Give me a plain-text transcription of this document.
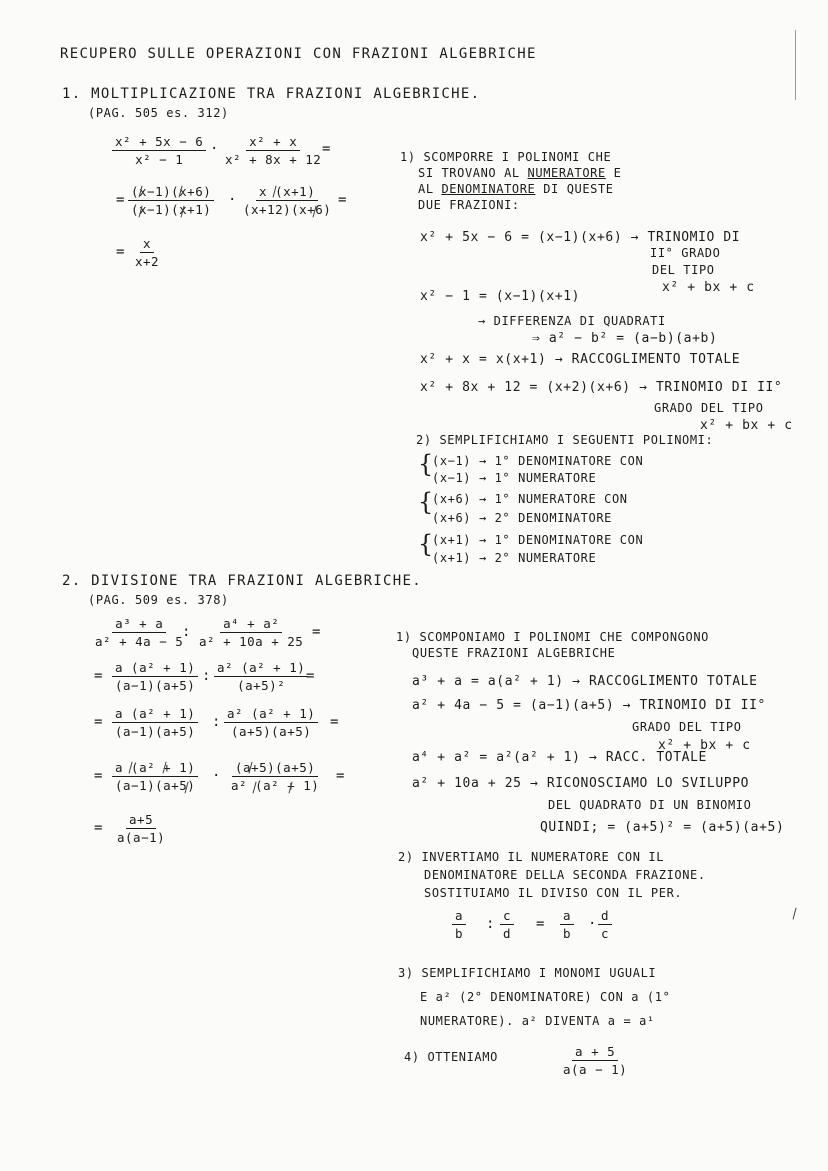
RECUPERO SULLE OPERAZIONI CON FRAZIONI ALGEBRICHE
1. MOLTIPLICAZIONE TRA FRAZIONI ALGEBRICHE.
(PAG. 505 es. 312)
$\frac{\text{x² + 5x − 6}}{\text{x² − 1}} \cdot \frac{\text{x² + x}}{\text{x² + 8x + 12}}$
=
= $\frac{(x-1)(x+6)}{(x-1)(x+1)} \cdot \frac{x (x+1)}{(x+12)(x+6)}$ =
= $\frac{x}{x+2}$
1) SCOMPORRE I POLINOMI CHE
SI TROVANO AL NUMERATORE E
AL DENOMINATORE DI QUESTE
DUE FRAZIONI:
x² + 5x − 6 = (x−1)(x+6) → TRINOMIO DI
II° GRADO
DEL TIPO
x² + bx + c
x² − 1 = (x−1)(x+1)
→ DIFFERENZA DI QUADRATI
⇒ a² − b² = (a−b)(a+b)
x² + x = x(x+1) → RACCOGLIMENTO TOTALE
x² + 8x + 12 = (x+2)(x+6) → TRINOMIO DI II°
GRADO DEL TIPO
x² + bx + c
2) SEMPLIFICHIAMO I SEGUENTI POLINOMI:
{
(x−1) → 1° DENOMINATORE CON
(x−1) → 1° NUMERATORE
{
(x+6) → 1° NUMERATORE CON
(x+6) → 2° DENOMINATORE
{
(x+1) → 1° DENOMINATORE CON
(x+1) → 2° NUMERATORE
2. DIVISIONE TRA FRAZIONI ALGEBRICHE.
(PAG. 509 es. 378)
$\frac{\text{a³ + a}}{\text{a² + 4a − 5}}$
: $\frac{\text{a⁴ + a²}}{\text{a² + 10a + 25}}$ =
= $\frac{\text{a (a² + 1)}}{(a-1)(a+5)}$ : $\frac{\text{a² (a² + 1)}}{\text{(a+5)²}}$
=
= $\frac{\text{a (a² + 1)}}{(a-1)(a+5)}$ : $\frac{\text{a² (a² + 1)}}{(a+5)(a+5)}$ =
= $\frac{\text{a (a² + 1)}}{(a-1)(a+5)} \cdot \frac{(a+5)(a+5)}{\text{a² (a² + 1)}}$ =
= $\frac{a+5}{a(a-1)}$
1) SCOMPONIAMO I POLINOMI CHE COMPONGONO
QUESTE FRAZIONI ALGEBRICHE
a³ + a = a(a² + 1) → RACCOGLIMENTO TOTALE
a² + 4a − 5 = (a−1)(a+5) → TRINOMIO DI II°
GRADO DEL TIPO
x² + bx + c
a⁴ + a² = a²(a² + 1) → RACC. TOTALE
a² + 10a + 25 → RICONOSCIAMO LO SVILUPPO
DEL QUADRATO DI UN BINOMIO
QUINDI; = (a+5)² = (a+5)(a+5)
2) INVERTIAMO IL NUMERATORE CON IL
DENOMINATORE DELLA SECONDA FRAZIONE.
SOSTITUIAMO IL DIVISO CON IL PER.
$\frac{a}{b}$ : $\frac{c}{d} = \frac{a}{b} \cdot \frac{d}{c}$
3) SEMPLIFICHIAMO I MONOMI UGUALI
E a² (2° DENOMINATORE) CON a (1°
NUMERATORE). a² DIVENTA a = a¹
4) OTTENIAMO	$\frac{a + 5}{a(a - 1)}$
